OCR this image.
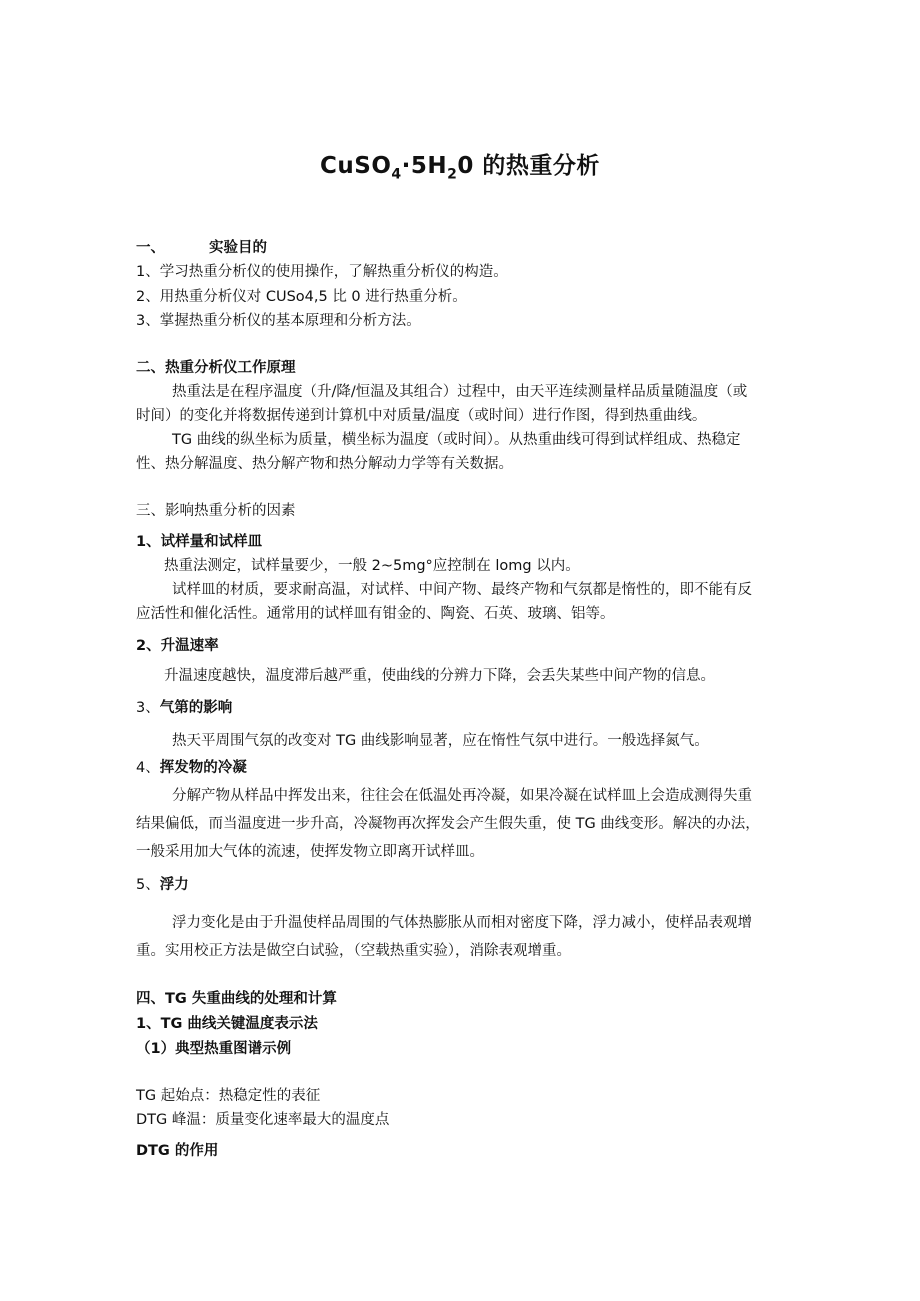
$CuSO_4\cdot 5H_20$ 的热重分析
一、	实验目的
1、学习热重分析仪的使用操作，了解热重分析仪的构造。
2、用热重分析仪对 CUSo4,5 比 0 进行热重分析。
3、掌握热重分析仪的基本原理和分析方法。
二、热重分析仪工作原理
热重法是在程序温度（升/降/恒温及其组合）过程中，由天平连续测量样品质量随温度（或
时间）的变化并将数据传递到计算机中对质量/温度（或时间）进行作图，得到热重曲线。
TG 曲线的纵坐标为质量，横坐标为温度（或时间）。从热重曲线可得到试样组成、热稳定
性、热分解温度、热分解产物和热分解动力学等有关数据。
三、影响热重分析的因素
1、试样量和试样皿
热重法测定，试样量要少，一般 2~5mg°应控制在 lomg 以内。
试样皿的材质，要求耐高温，对试样、中间产物、最终产物和气氛都是惰性的，即不能有反
应活性和催化活性。通常用的试样皿有钳金的、陶瓷、石英、玻璃、铝等。
2、升温速率
升温速度越快，温度滞后越严重，使曲线的分辨力下降，会丢失某些中间产物的信息。
3、气第的影响
热天平周围气氛的改变对 TG 曲线影响显著，应在惰性气氛中进行。一般选择氮气。
4、挥发物的冷凝
分解产物从样品中挥发出来，往往会在低温处再冷凝，如果冷凝在试样皿上会造成测得失重
结果偏低，而当温度进一步升高，冷凝物再次挥发会产生假失重，使 TG 曲线变形。解决的办法，
一般采用加大气体的流速，使挥发物立即离开试样皿。
5、浮力
浮力变化是由于升温使样品周围的气体热膨胀从而相对密度下降，浮力减小，使样品表观增
重。实用校正方法是做空白试验，（空载热重实验），消除表观增重。
四、TG 失重曲线的处理和计算
1、TG 曲线关键温度表示法
（1）典型热重图谱示例
TG 起始点：热稳定性的表征
DTG 峰温：质量变化速率最大的温度点
DTG 的作用
